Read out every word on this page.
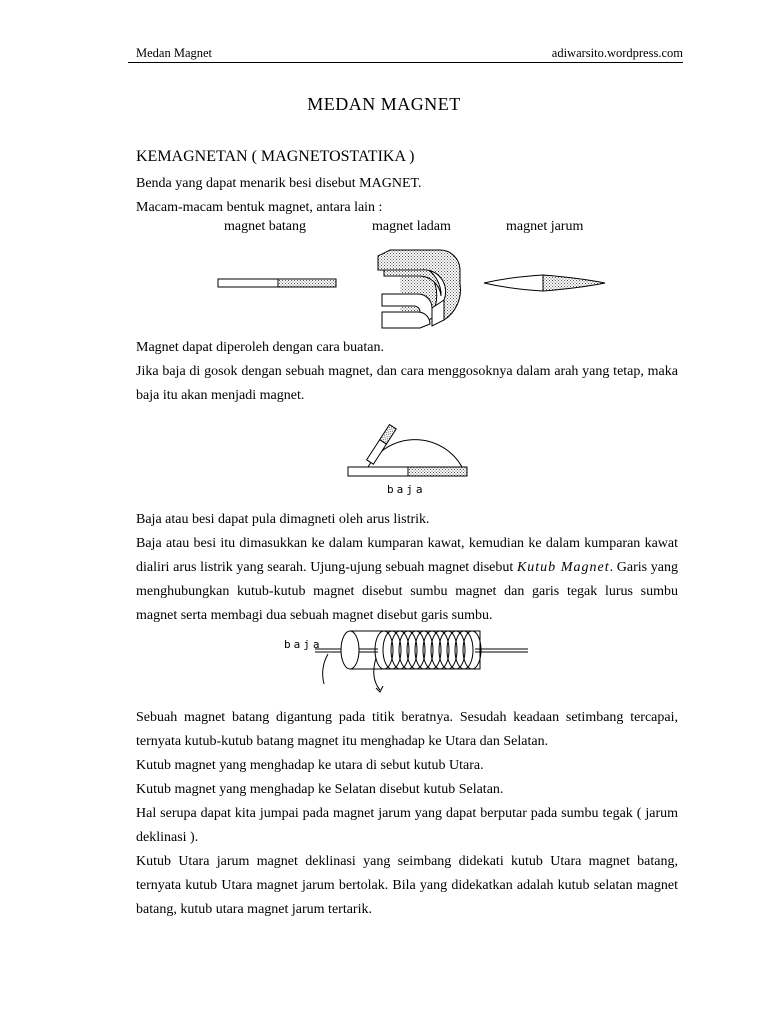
Medan Magnet	adiwarsito.wordpress.com
MEDAN MAGNET
KEMAGNETAN ( MAGNETOSTATIKA )
Benda yang dapat menarik besi disebut MAGNET.
Macam-macam bentuk magnet, antara lain :
magnet batang	magnet ladam	magnet jarum
Magnet dapat diperoleh dengan cara buatan.
Jika baja di gosok dengan sebuah magnet, dan cara menggosoknya dalam arah yang tetap, maka baja itu akan menjadi magnet.
baja
Baja atau besi dapat pula dimagneti oleh arus listrik.
Baja atau besi itu dimasukkan ke dalam kumparan kawat, kemudian ke dalam kumparan kawat dialiri arus listrik yang searah. Ujung-ujung sebuah magnet disebut Kutub Magnet. Garis yang menghubungkan kutub-kutub magnet disebut sumbu magnet dan garis tegak lurus sumbu magnet serta membagi dua sebuah magnet disebut garis sumbu.
baja
Sebuah magnet batang digantung pada titik beratnya. Sesudah keadaan setimbang tercapai, ternyata kutub-kutub batang magnet itu menghadap ke Utara dan Selatan.
Kutub magnet yang menghadap ke utara di sebut kutub Utara.
Kutub magnet yang menghadap ke Selatan disebut kutub Selatan.
Hal serupa dapat kita jumpai pada magnet jarum yang dapat berputar pada sumbu tegak ( jarum deklinasi ).
Kutub Utara jarum magnet deklinasi yang seimbang didekati kutub Utara magnet batang, ternyata kutub Utara magnet jarum bertolak. Bila yang didekatkan adalah kutub selatan magnet batang, kutub utara magnet jarum tertarik.
